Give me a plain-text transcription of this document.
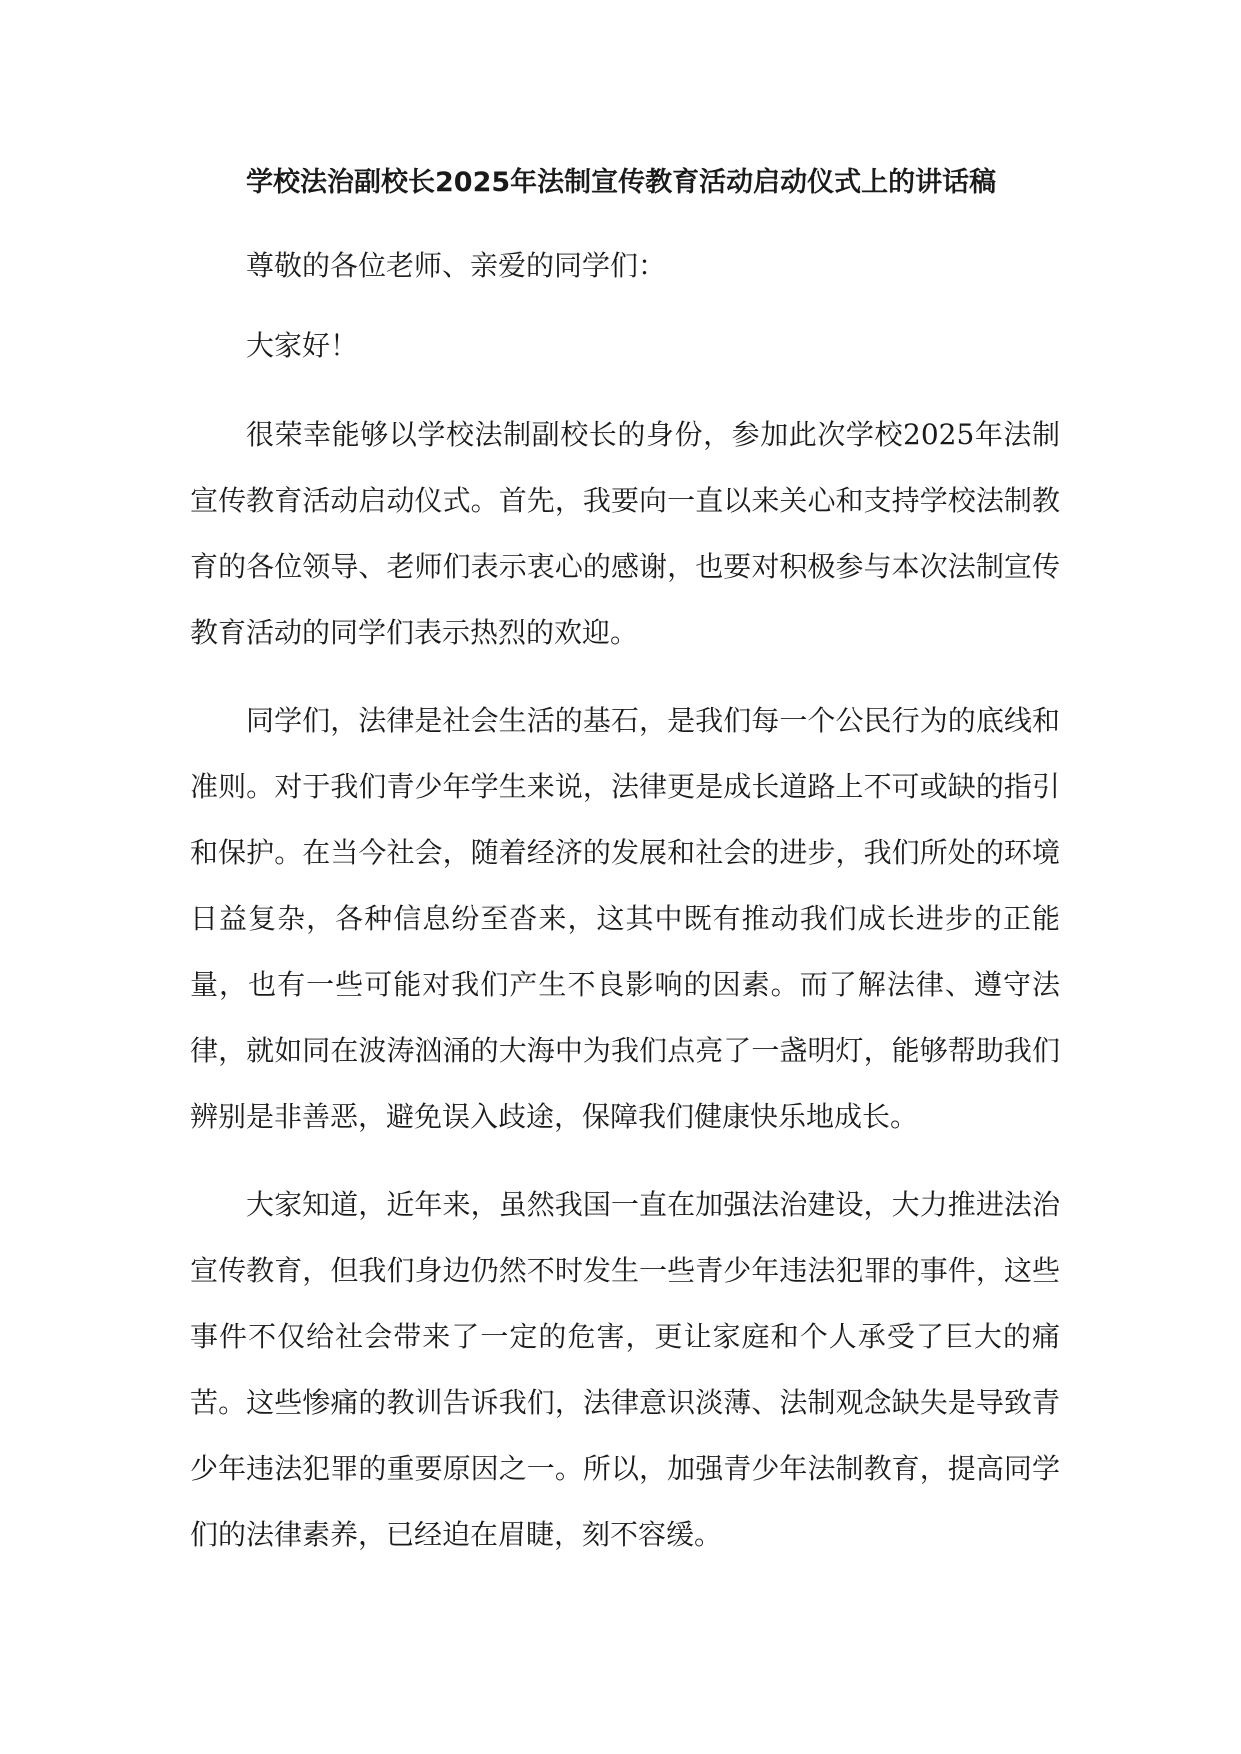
学校法治副校长2025年法制宣传教育活动启动仪式上的讲话稿

尊敬的各位老师、亲爱的同学们：

大家好！

很荣幸能够以学校法制副校长的身份，参加此次学校2025年法制宣传教育活动启动仪式。首先，我要向一直以来关心和支持学校法制教育的各位领导、老师们表示衷心的感谢，也要对积极参与本次法制宣传教育活动的同学们表示热烈的欢迎。

同学们，法律是社会生活的基石，是我们每一个公民行为的底线和准则。对于我们青少年学生来说，法律更是成长道路上不可或缺的指引和保护。在当今社会，随着经济的发展和社会的进步，我们所处的环境日益复杂，各种信息纷至沓来，这其中既有推动我们成长进步的正能量，也有一些可能对我们产生不良影响的因素。而了解法律、遵守法律，就如同在波涛汹涌的大海中为我们点亮了一盏明灯，能够帮助我们辨别是非善恶，避免误入歧途，保障我们健康快乐地成长。

大家知道，近年来，虽然我国一直在加强法治建设，大力推进法治宣传教育，但我们身边仍然不时发生一些青少年违法犯罪的事件，这些事件不仅给社会带来了一定的危害，更让家庭和个人承受了巨大的痛苦。这些惨痛的教训告诉我们，法律意识淡薄、法制观念缺失是导致青少年违法犯罪的重要原因之一。所以，加强青少年法制教育，提高同学们的法律素养，已经迫在眉睫，刻不容缓。
